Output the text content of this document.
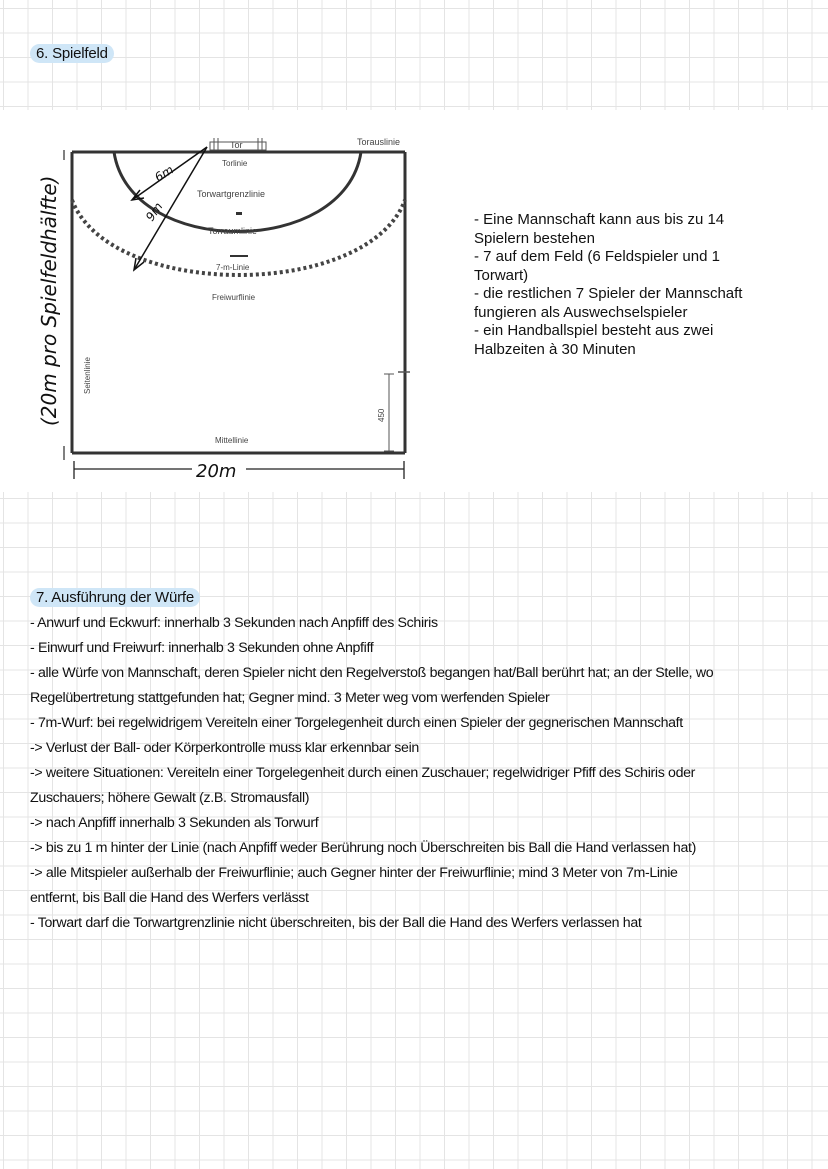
6. Spielfeld
Tor
Torlinie
Torauslinie
Torwartgrenzlinie
Torraumlinie
7-m-Linie
Freiwurflinie
6m
9m
Seitenlinie
Mittellinie
450
20m
(20m pro Spielfeldhälfte)	- Eine Mannschaft kann aus bis zu 14
Spielern bestehen
- 7 auf dem Feld (6 Feldspieler und 1
Torwart)
- die restlichen 7 Spieler der Mannschaft
fungieren als Auswechselspieler
- ein Handballspiel besteht aus zwei
Halbzeiten à 30 Minuten
7. Ausführung der Würfe
- Anwurf und Eckwurf: innerhalb 3 Sekunden nach Anpfiff des Schiris
- Einwurf und Freiwurf: innerhalb 3 Sekunden ohne Anpfiff
- alle Würfe von Mannschaft, deren Spieler nicht den Regelverstoß begangen hat/Ball berührt hat; an der Stelle, wo
Regelübertretung stattgefunden hat; Gegner mind. 3 Meter weg vom werfenden Spieler
- 7m-Wurf: bei regelwidrigem Vereiteln einer Torgelegenheit durch einen Spieler der gegnerischen Mannschaft
-> Verlust der Ball- oder Körperkontrolle muss klar erkennbar sein
-> weitere Situationen: Vereiteln einer Torgelegenheit durch einen Zuschauer; regelwidriger Pfiff des Schiris oder
Zuschauers; höhere Gewalt (z.B. Stromausfall)
-> nach Anpfiff innerhalb 3 Sekunden als Torwurf
-> bis zu 1 m hinter der Linie (nach Anpfiff weder Berührung noch Überschreiten bis Ball die Hand verlassen hat)
-> alle Mitspieler außerhalb der Freiwurflinie; auch Gegner hinter der Freiwurflinie; mind 3 Meter von 7m-Linie
entfernt, bis Ball die Hand des Werfers verlässt
- Torwart darf die Torwartgrenzlinie nicht überschreiten, bis der Ball die Hand des Werfers verlassen hat
